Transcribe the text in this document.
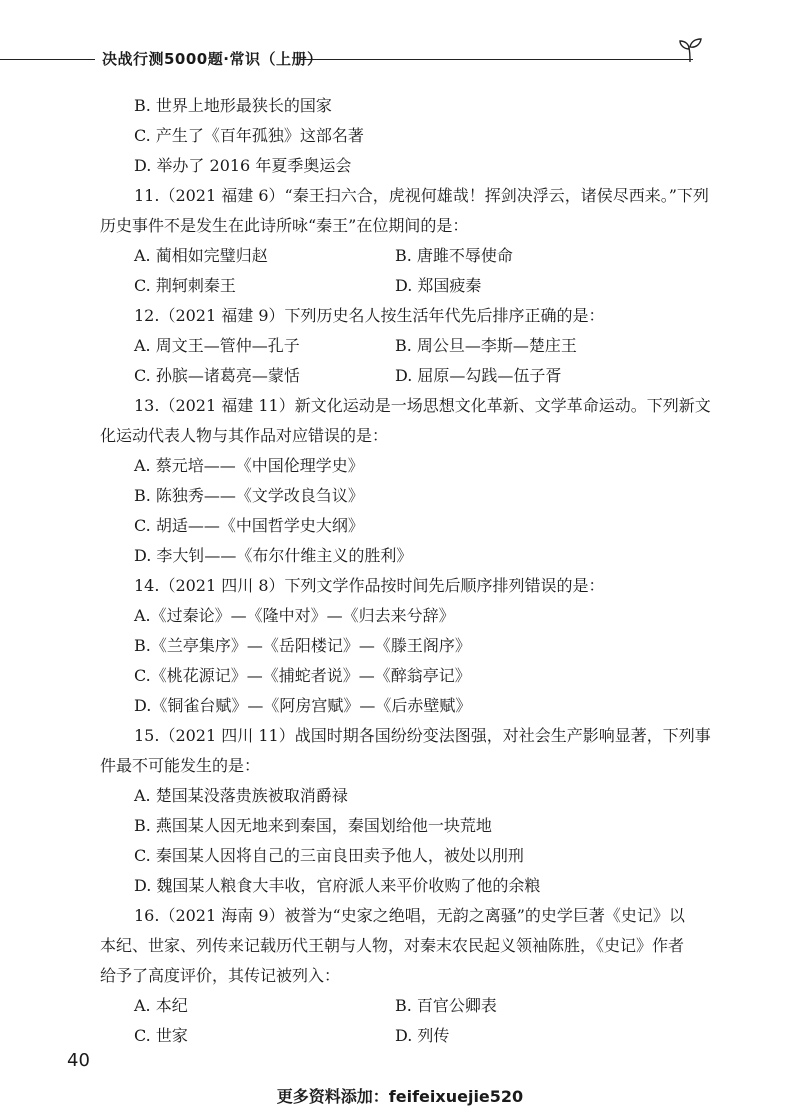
决战行测5000题·常识（上册）
B. 世界上地形最狭长的国家
C. 产生了《百年孤独》这部名著
D. 举办了 2016 年夏季奥运会
11.（2021 福建 6）“秦王扫六合，虎视何雄哉！挥剑决浮云，诸侯尽西来。”下列
历史事件不是发生在此诗所咏“秦王”在位期间的是：
A. 蔺相如完璧归赵	B. 唐雎不辱使命
C. 荆轲刺秦王	D. 郑国疲秦
12.（2021 福建 9）下列历史名人按生活年代先后排序正确的是：
A. 周文王—管仲—孔子	B. 周公旦—李斯—楚庄王
C. 孙膑—诸葛亮—蒙恬	D. 屈原—勾践—伍子胥
13.（2021 福建 11）新文化运动是一场思想文化革新、文学革命运动。下列新文
化运动代表人物与其作品对应错误的是：
A. 蔡元培——《中国伦理学史》
B. 陈独秀——《文学改良刍议》
C. 胡适——《中国哲学史大纲》
D. 李大钊——《布尔什维主义的胜利》
14.（2021 四川 8）下列文学作品按时间先后顺序排列错误的是：
A.《过秦论》—《隆中对》—《归去来兮辞》
B.《兰亭集序》—《岳阳楼记》—《滕王阁序》
C.《桃花源记》—《捕蛇者说》—《醉翁亭记》
D.《铜雀台赋》—《阿房宫赋》—《后赤壁赋》
15.（2021 四川 11）战国时期各国纷纷变法图强，对社会生产影响显著，下列事
件最不可能发生的是：
A. 楚国某没落贵族被取消爵禄
B. 燕国某人因无地来到秦国，秦国划给他一块荒地
C. 秦国某人因将自己的三亩良田卖予他人，被处以刖刑
D. 魏国某人粮食大丰收，官府派人来平价收购了他的余粮
16.（2021 海南 9）被誉为“史家之绝唱，无韵之离骚”的史学巨著《史记》以
本纪、世家、列传来记载历代王朝与人物，对秦末农民起义领袖陈胜，《史记》作者
给予了高度评价，其传记被列入：
A. 本纪	B. 百官公卿表
C. 世家	D. 列传
40
更多资料添加：feifeixuejie520
